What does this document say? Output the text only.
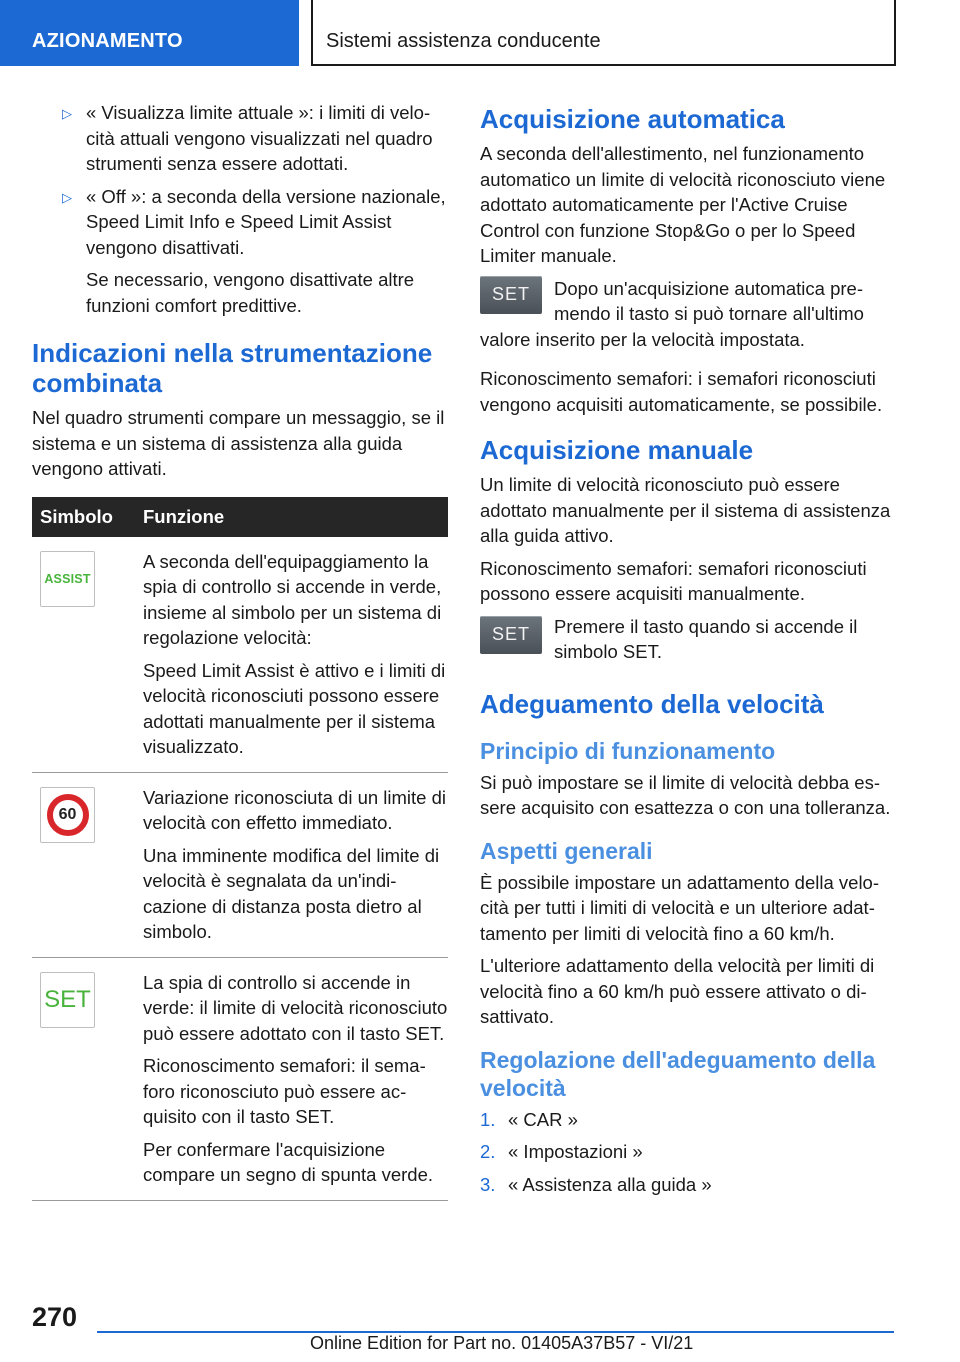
AZIONAMENTO	Sistemi assistenza conducente
▷ « Visualizza limite attuale »: i limiti di velocità attuali vengono visualizzati nel quadro strumenti senza essere adottati.
▷ « Off »: a seconda della versione nazionale, Speed Limit Info e Speed Limit Assist vengono disattivati.
Se necessario, vengono disattivate altre funzioni comfort predittive.
Indicazioni nella strumentazione combinata

Nel quadro strumenti compare un messaggio, se il sistema e un sistema di assistenza alla guida vengono attivati.

Simbolo	Funzione

ASSIST	A seconda dell'equipaggiamento la spia di controllo si accende in verde, insieme al simbolo per un sistema di regolazione velocità:

Speed Limit Assist è attivo e i limiti di velocità riconosciuti possono essere adottati manualmente per il sistema visualizzato.

60	Variazione riconosciuta di un limite di velocità con effetto immediato.

Una imminente modifica del limite di velocità è segnalata da un'indicazione di distanza posta dietro al simbolo.

SET	La spia di controllo si accende in verde: il limite di velocità riconosciuto può essere adottato con il tasto SET.

Riconoscimento semafori: il semaforo riconosciuto può essere acquisito con il tasto SET.

Per confermare l'acquisizione compare un segno di spunta verde.

Acquisizione automatica

A seconda dell'allestimento, nel funzionamento automatico un limite di velocità riconosciuto viene adottato automaticamente per l'Active Cruise Control con funzione Stop&Go o per lo Speed Limiter manuale.

SET	Dopo un'acquisizione automatica premendo il tasto si può tornare all'ultimo valore inserito per la velocità impostata.

Riconoscimento semafori: i semafori riconosciuti vengono acquisiti automaticamente, se possibile.

Acquisizione manuale

Un limite di velocità riconosciuto può essere adottato manualmente per il sistema di assistenza alla guida attivo.

Riconoscimento semafori: semafori riconosciuti possono essere acquisiti manualmente.

SET	Premere il tasto quando si accende il simbolo SET.
Adeguamento della velocità
Principio di funzionamento

Si può impostare se il limite di velocità debba essere acquisito con esattezza o con una tolleranza.

Aspetti generali

È possibile impostare un adattamento della velocità per tutti i limiti di velocità e un ulteriore adattamento per limiti di velocità fino a 60 km/h.

L'ulteriore adattamento della velocità per limiti di velocità fino a 60 km/h può essere attivato o disattivato.

Regolazione dell'adeguamento della velocità
1. « CAR »
2. « Impostazioni »
3. « Assistenza alla guida »
270
Online Edition for Part no. 01405A37B57 - VI/21
